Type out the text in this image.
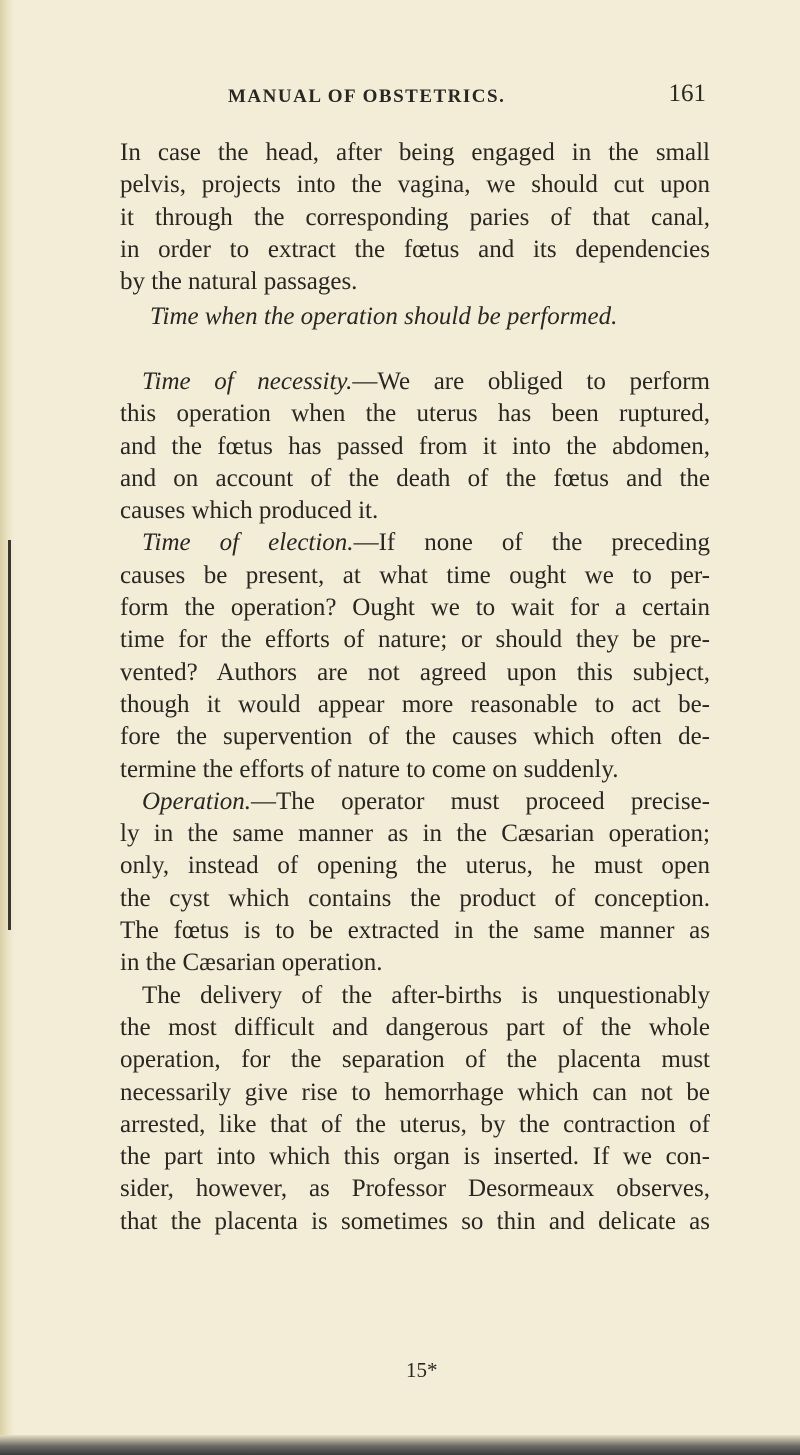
MANUAL OF OBSTETRICS.	161
In case the head, after being engaged in the small
pelvis, projects into the vagina, we should cut upon
it through the corresponding paries of that canal,
in order to extract the fœtus and its dependencies
by the natural passages.
Time when the operation should be performed.
Time of necessity.—We are obliged to perform
this operation when the uterus has been ruptured,
and the fœtus has passed from it into the abdomen,
and on account of the death of the fœtus and the
causes which produced it.
Time of election.—If none of the preceding
causes be present, at what time ought we to per-
form the operation? Ought we to wait for a certain
time for the efforts of nature; or should they be pre-
vented? Authors are not agreed upon this subject,
though it would appear more reasonable to act be-
fore the supervention of the causes which often de-
termine the efforts of nature to come on suddenly.
Operation.—The operator must proceed precise-
ly in the same manner as in the Cæsarian operation;
only, instead of opening the uterus, he must open
the cyst which contains the product of conception.
The fœtus is to be extracted in the same manner as
in the Cæsarian operation.
The delivery of the after-births is unquestionably
the most difficult and dangerous part of the whole
operation, for the separation of the placenta must
necessarily give rise to hemorrhage which can not be
arrested, like that of the uterus, by the contraction of
the part into which this organ is inserted. If we con-
sider, however, as Professor Desormeaux observes,
that the placenta is sometimes so thin and delicate as
15*
